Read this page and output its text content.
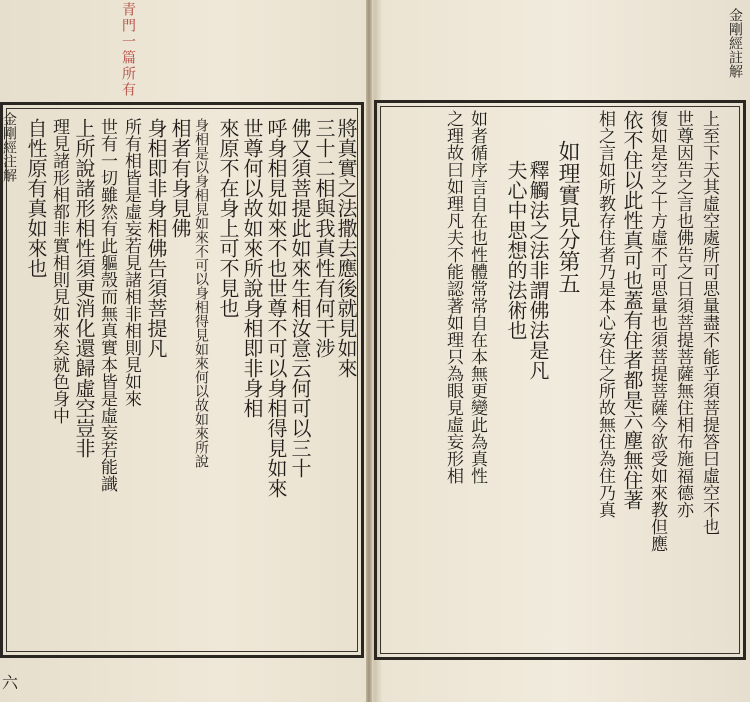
青門一篇所有
金剛經注解
六
金剛經註解
將真實之法撒去應後就見如來
三十二相與我真性有何干涉
佛又須菩提此如來生相汝意云何可以三十
呼身相見如來不也世尊不可以身相得見如來
世尊何以故如來所說身相即非身相
來原不在身上可不見也
身相是以身相見如來不可以身相得見如來何以故如來所說
相者有身見佛
身相即非身相佛告須菩提凡
所有相皆是虛妄若見諸相非相則見如來
世有一切雖然有此軀殼而無真實本皆是虛妄若能識
上所說諸形相性須更消化還歸虛空豈非
理見諸形相都非實相則見如來矣就色身中
自性原有真如來也	上至下天其虛空處所可思量盡不能乎須菩提答曰虛空不也
世尊因告之言也佛告之日須菩提菩薩無住相布施福德亦
復如是空之十方虛不可思量也須菩提菩薩今欲受如來教但應
依不住以此性真可也蓋有住者都是六塵無住著
相之言如所教存住者乃是本心安住之所故無住為住乃真
如理實見分第五
釋觸法之法非謂佛法是凡
夫心中思想的法術也
如者循序言自在也性體常常自在本無更變此為真性
之理故曰如理凡夫不能認著如理只為眼見虛妄形相
